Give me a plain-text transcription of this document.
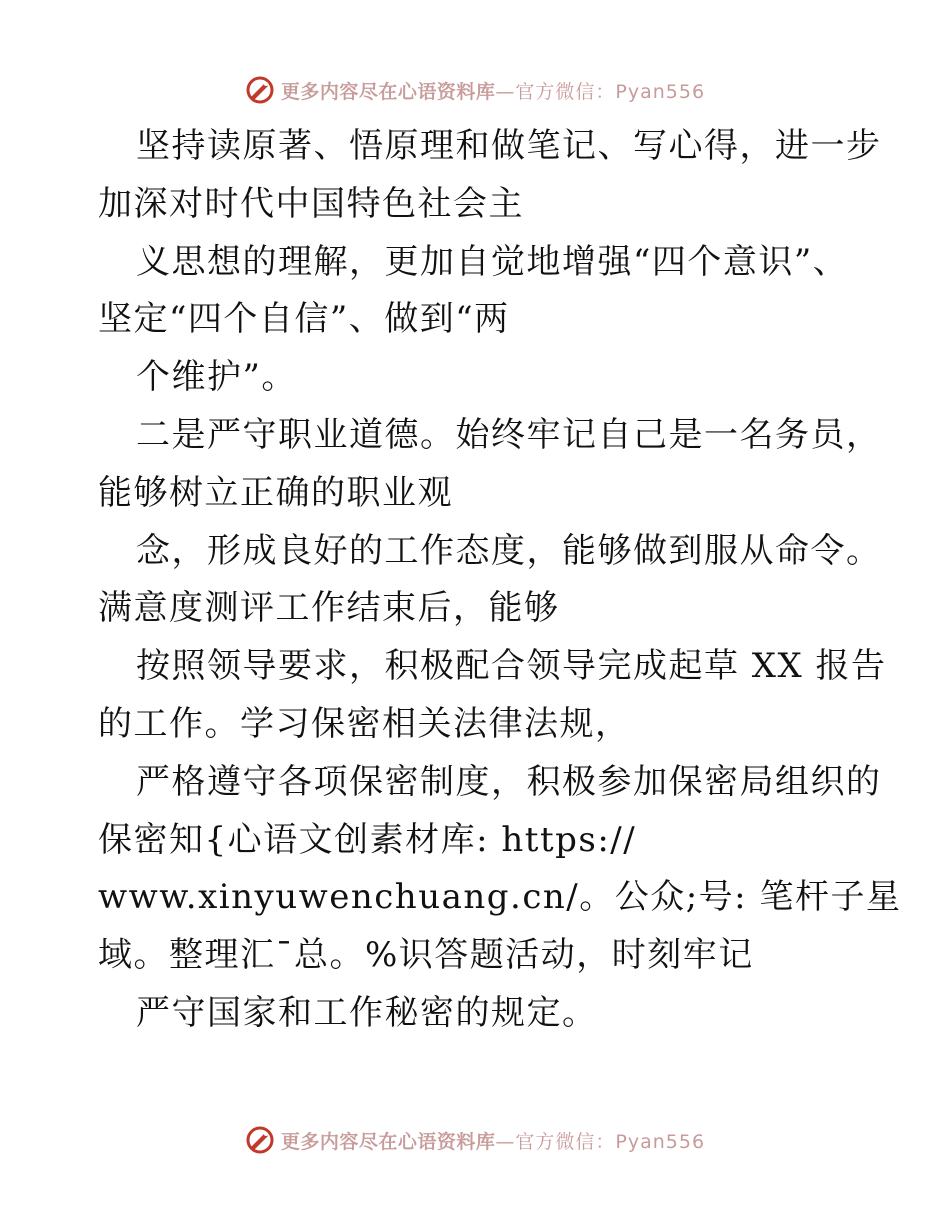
更多内容尽在心语资料库 —官方微信：Pyan556
坚持读原著、悟原理和做笔记、写心得，进一步
加深对时代中国特色社会主
义思想的理解，更加自觉地增强“四个意识”、
坚定“四个自信”、做到“两
个维护”。
二是严守职业道德。始终牢记自己是一名务员，
能够树立正确的职业观
念，形成良好的工作态度，能够做到服从命令。
满意度测评工作结束后，能够
按照领导要求，积极配合领导完成起草 XX 报告
的工作。学习保密相关法律法规，
严格遵守各项保密制度，积极参加保密局组织的
保密知{心语文创素材库: https://
www.xinyuwenchuang.cn/。公众;号: 笔杆子星
域。整理汇¯总。%识答题活动，时刻牢记
严守国家和工作秘密的规定。
更多内容尽在心语资料库 —官方微信：Pyan556
